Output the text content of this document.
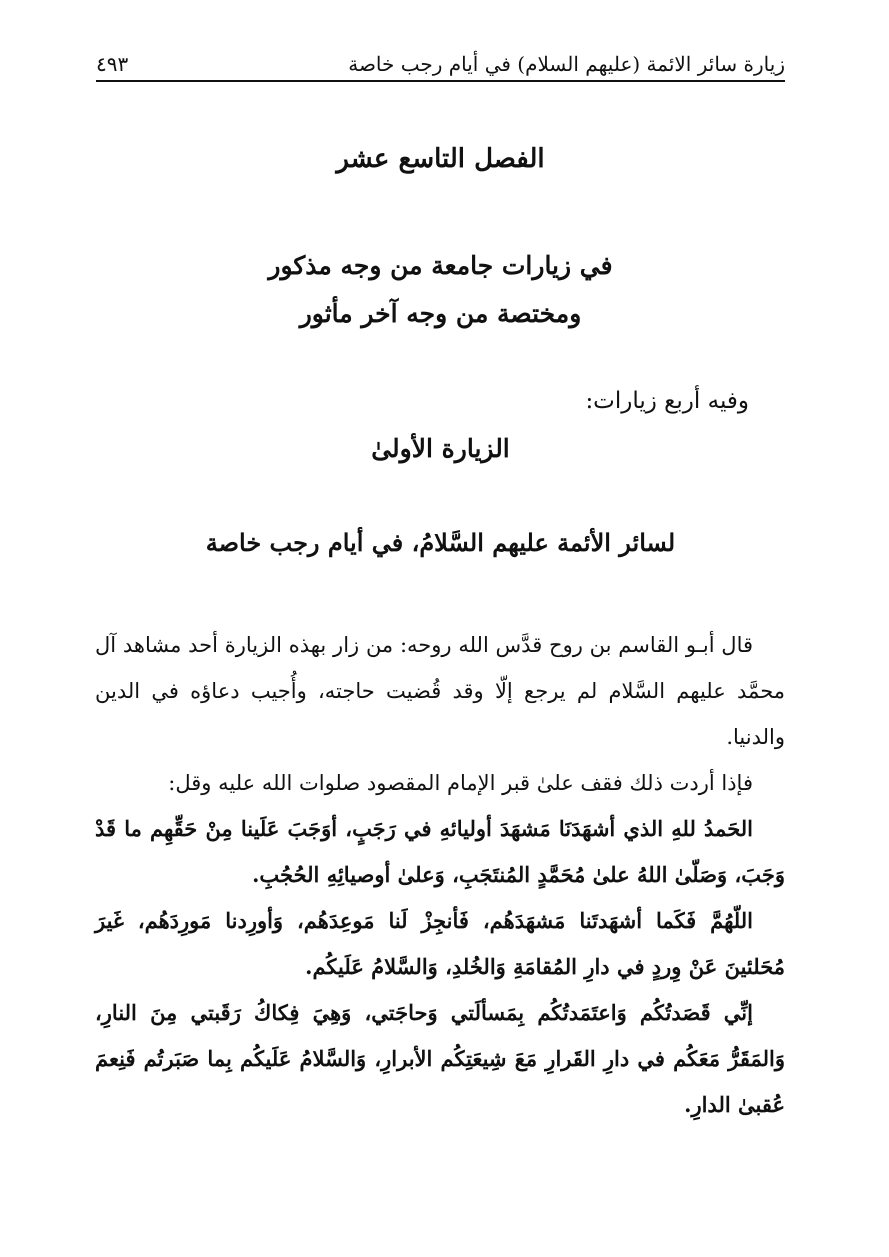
زيارة سائر الائمة (عليهم السلام) في أيام رجب خاصة
٤٩٣
الفصل التاسع عشر
في زيارات جامعة من وجه مذكور
ومختصة من وجه آخر مأثور
وفيه أربع زيارات:
الزيارة الأولىٰ
لسائر الأئمة عليهم السَّلامُ، في أيام رجب خاصة

قال أبـو القاسم بن روح قدَّس الله روحه: من زار بهذه الزيارة أحد مشاهد آل محمَّد عليهم السَّلام لم يرجع إلّا وقد قُضيت حاجته، وأُجيب دعاؤه في الدين والدنيا.

فإذا أردت ذلك فقف علىٰ قبر الإمام المقصود صلوات الله عليه وقل:

الحَمدُ للهِ الذي أشهَدَنَا مَشهَدَ أوليائهِ في رَجَبٍ، أوَجَبَ عَلَينا مِنْ حَقِّهِم ما قَدْ وَجَبَ، وَصَلّىٰ اللهُ علىٰ مُحَمَّدٍ المُنتَجَبِ، وَعلىٰ أوصيائِهِ الحُجُبِ.

اللّهُمَّ فَكَما أشهَدتَنا مَشهَدَهُم، فَأنجِزْ لَنا مَوعِدَهُم، وَأورِدنا مَورِدَهُم، غَيرَ مُحَلئينَ عَنْ وِردٍ في دارِ المُقامَةِ وَالخُلدِ، وَالسَّلامُ عَلَيكُم.

إنِّي قَصَدتُكُم وَاعتَمَدتُكُم بِمَسألَتي وَحاجَتي، وَهِيَ فِكاكُ رَقَبتي مِنَ النارِ، وَالمَقَرُّ مَعَكُم في دارِ القَرارِ مَعَ شِيعَتِكُم الأبرارِ، وَالسَّلامُ عَلَيكُم بِما صَبَرتُم فَنِعمَ عُقبىٰ الدارِ.
